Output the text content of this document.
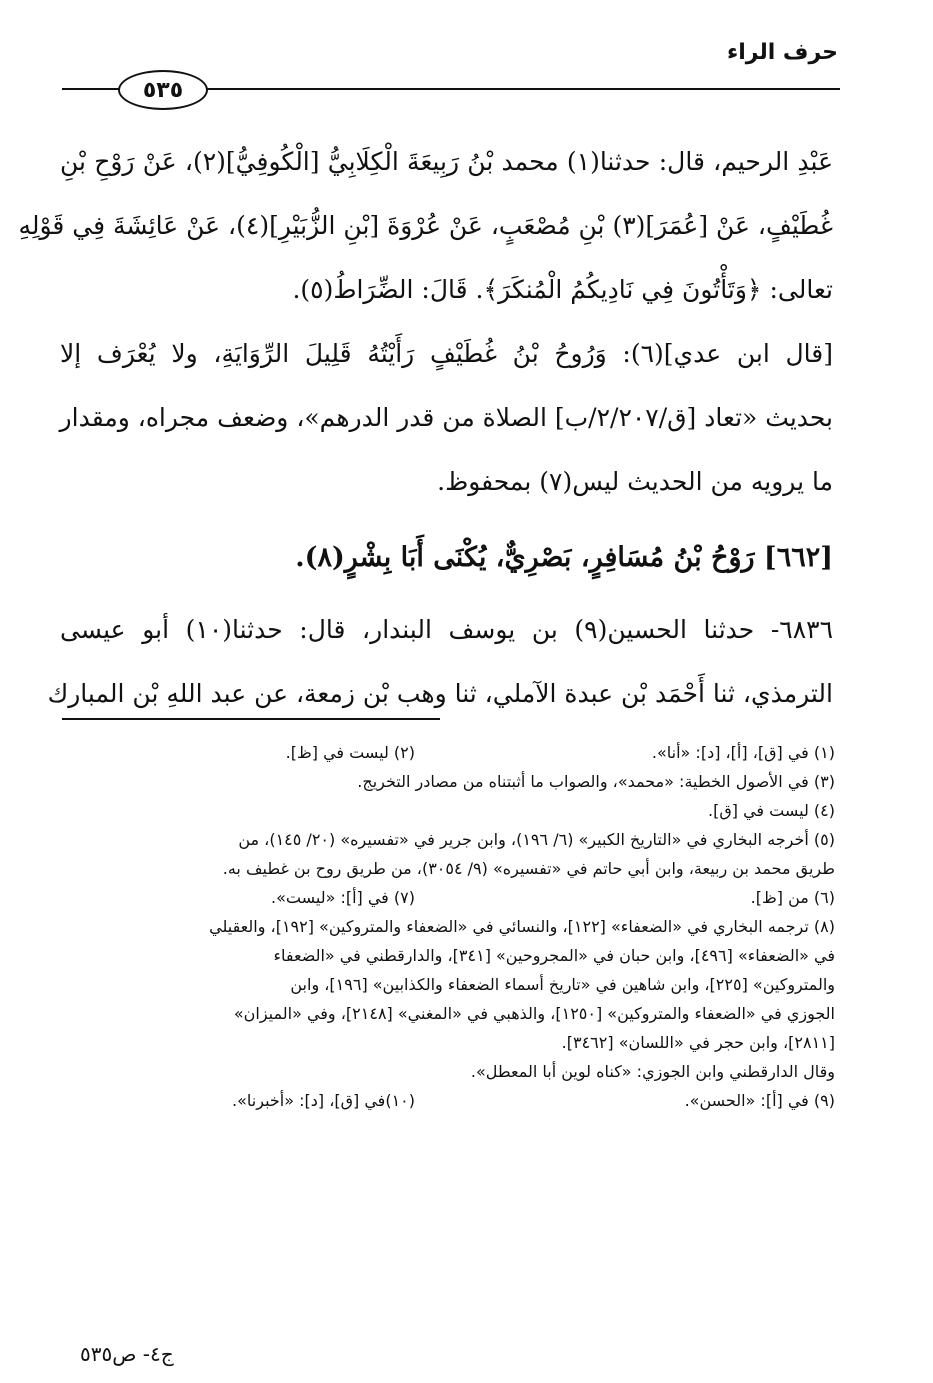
حرف الراء
٥٣٥
عَبْدِ الرحيم، قال: حدثنا(١) محمد بْنُ رَبِيعَةَ الْكِلَابِيُّ [الْكُوفِيُّ](٢)، عَنْ رَوْحِ بْنِ
غُطَيْفٍ، عَنْ [عُمَرَ](٣) بْنِ مُصْعَبٍ، عَنْ عُرْوَةَ [بْنِ الزُّبَيْرِ](٤)، عَنْ عَائِشَةَ فِي قَوْلِهِ
تعالى: ﴿وَتَأْتُونَ فِي نَادِيكُمُ الْمُنكَرَ﴾. قَالَ: الضِّرَاطُ(٥).
[قال ابن عدي](٦): وَرُوحُ بْنُ غُطَيْفٍ رَأَيْتُهُ قَلِيلَ الرِّوَايَةِ، ولا يُعْرَف إلا
بحديث «تعاد [ق/٢/٢٠٧/ب] الصلاة من قدر الدرهم»، وضعف مجراه، ومقدار
ما يرويه من الحديث ليس(٧) بمحفوظ.
[٦٦٢] رَوْحُ بْنُ مُسَافِرٍ، بَصْرِيٌّ، يُكْنَى أَبَا بِشْرٍ(٨).
٦٨٣٦- حدثنا الحسين(٩) بن يوسف البندار، قال: حدثنا(١٠) أبو عيسى
الترمذي، ثنا أَحْمَد بْن عبدة الآملي، ثنا وهب بْن زمعة، عن عبد اللهِ بْن المبارك
(١) في [ق]، [أ]، [د]: «أنا».
(٢) ليست في [ظ].
(٣) في الأصول الخطية: «محمد»، والصواب ما أثبتناه من مصادر التخريج.
(٤) ليست في [ق].
(٥) أخرجه البخاري في «التاريخ الكبير» (٦/ ١٩٦)، وابن جرير في «تفسيره» (٢٠/ ١٤٥)، من
طريق محمد بن ربيعة، وابن أبي حاتم في «تفسيره» (٩/ ٣٠٥٤)، من طريق روح بن غطيف به.
(٦) من [ظ].
(٧) في [أ]: «ليست».
(٨) ترجمه البخاري في «الضعفاء» [١٢٢]، والنسائي في «الضعفاء والمتروكين» [١٩٢]، والعقيلي
في «الضعفاء» [٤٩٦]، وابن حبان في «المجروحين» [٣٤١]، والدارقطني في «الضعفاء
والمتروكين» [٢٢٥]، وابن شاهين في «تاريخ أسماء الضعفاء والكذابين» [١٩٦]، وابن
الجوزي في «الضعفاء والمتروكين» [١٢٥٠]، والذهبي في «المغني» [٢١٤٨]، وفي «الميزان»
[٢٨١١]، وابن حجر في «اللسان» [٣٤٦٢].
وقال الدارقطني وابن الجوزي: «كناه لوين أبا المعطل».
(٩) في [أ]: «الحسن».
(١٠)في [ق]، [د]: «أخبرنا».
ج٤- ص٥٣٥
